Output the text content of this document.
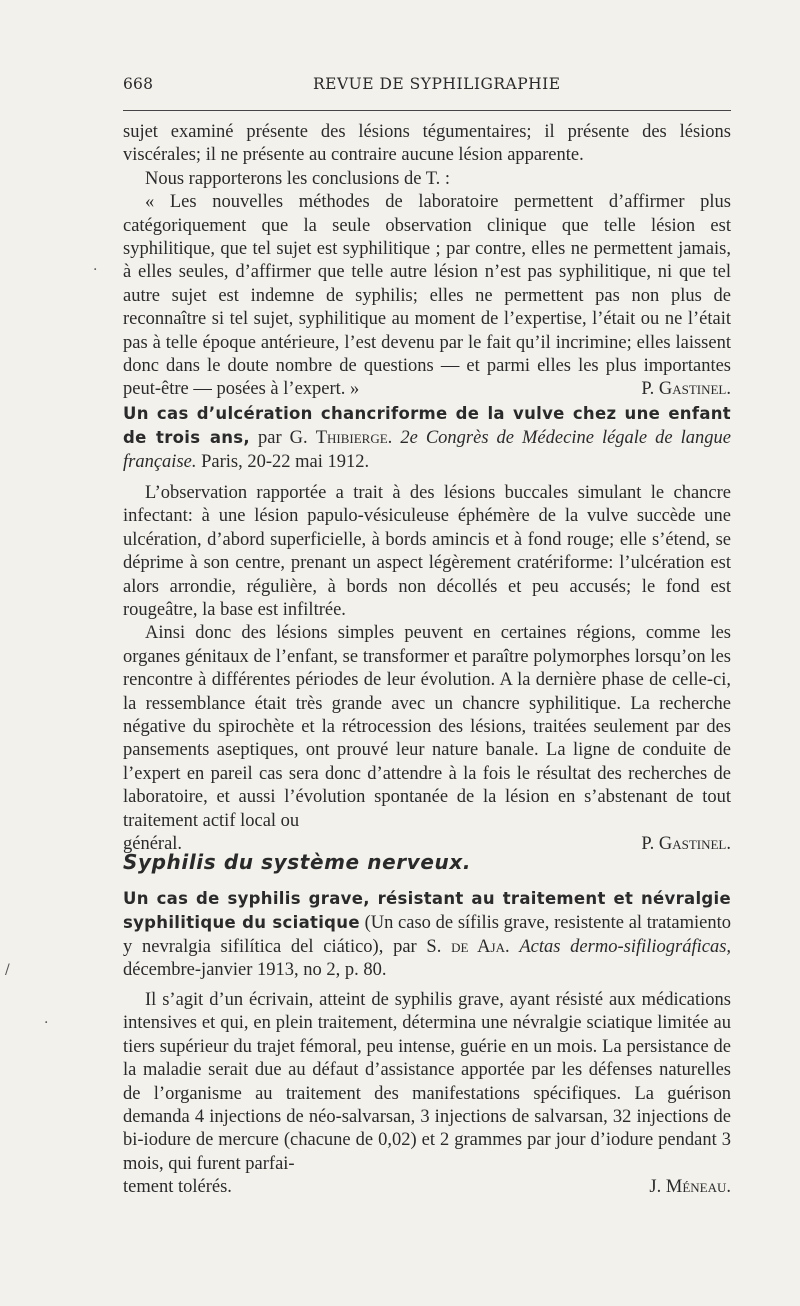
668	REVUE DE SYPHILIGRAPHIE

sujet examiné présente des lésions tégumentaires; il présente des lésions viscérales; il ne présente au contraire aucune lésion apparente.

Nous rapporterons les conclusions de T. :

« Les nouvelles méthodes de laboratoire permettent d’affirmer plus catégoriquement que la seule observation clinique que telle lésion est syphilitique, que tel sujet est syphilitique ; par contre, elles ne permettent jamais, à elles seules, d’affirmer que telle autre lésion n’est pas syphilitique, ni que tel autre sujet est indemne de syphilis; elles ne permettent pas non plus de reconnaître si tel sujet, syphilitique au moment de l’expertise, l’était ou ne l’était pas à telle époque antérieure, l’est devenu par le fait qu’il incrimine; elles laissent donc dans le doute nombre de questions — et parmi elles les plus importantes peut-être — posées à l’expert. »	P. Gastinel.

Un cas d’ulcération chancriforme de la vulve chez une enfant de trois ans, par G. Thibierge. 2e Congrès de Médecine légale de langue française. Paris, 20-22 mai 1912.

L’observation rapportée a trait à des lésions buccales simulant le chancre infectant: à une lésion papulo-vésiculeuse éphémère de la vulve succède une ulcération, d’abord superficielle, à bords amincis et à fond rouge; elle s’étend, se déprime à son centre, prenant un aspect légèrement cratériforme: l’ulcération est alors arrondie, régulière, à bords non décollés et peu accusés; le fond est rougeâtre, la base est infiltrée.

Ainsi donc des lésions simples peuvent en certaines régions, comme les organes génitaux de l’enfant, se transformer et paraître polymorphes lorsqu’on les rencontre à différentes périodes de leur évolution. A la dernière phase de celle-ci, la ressemblance était très grande avec un chancre syphilitique. La recherche négative du spirochète et la rétrocession des lésions, traitées seulement par des pansements aseptiques, ont prouvé leur nature banale. La ligne de conduite de l’expert en pareil cas sera donc d’attendre à la fois le résultat des recherches de laboratoire, et aussi l’évolution spontanée de la lésion en s’abstenant de tout traitement actif local ou

général.	P. Gastinel.
Syphilis du système nerveux.
Un cas de syphilis grave, résistant au traitement et névralgie syphilitique du sciatique (Un caso de sífilis grave, resistente al tratamiento y nevralgia sifilítica del ciático), par S. de Aja. Actas dermo-sifiliográficas, décembre-janvier 1913, no 2, p. 80.

Il s’agit d’un écrivain, atteint de syphilis grave, ayant résisté aux médications intensives et qui, en plein traitement, détermina une névralgie sciatique limitée au tiers supérieur du trajet fémoral, peu intense, guérie en un mois. La persistance de la maladie serait due au défaut d’assistance apportée par les défenses naturelles de l’organisme au traitement des manifestations spécifiques. La guérison demanda 4 injections de néo-salvarsan, 3 injections de salvarsan, 32 injections de bi-iodure de mercure (chacune de 0,02) et 2 grammes par jour d’iodure pendant 3 mois, qui furent parfai-

tement tolérés.	J. Méneau.
·
/
·
